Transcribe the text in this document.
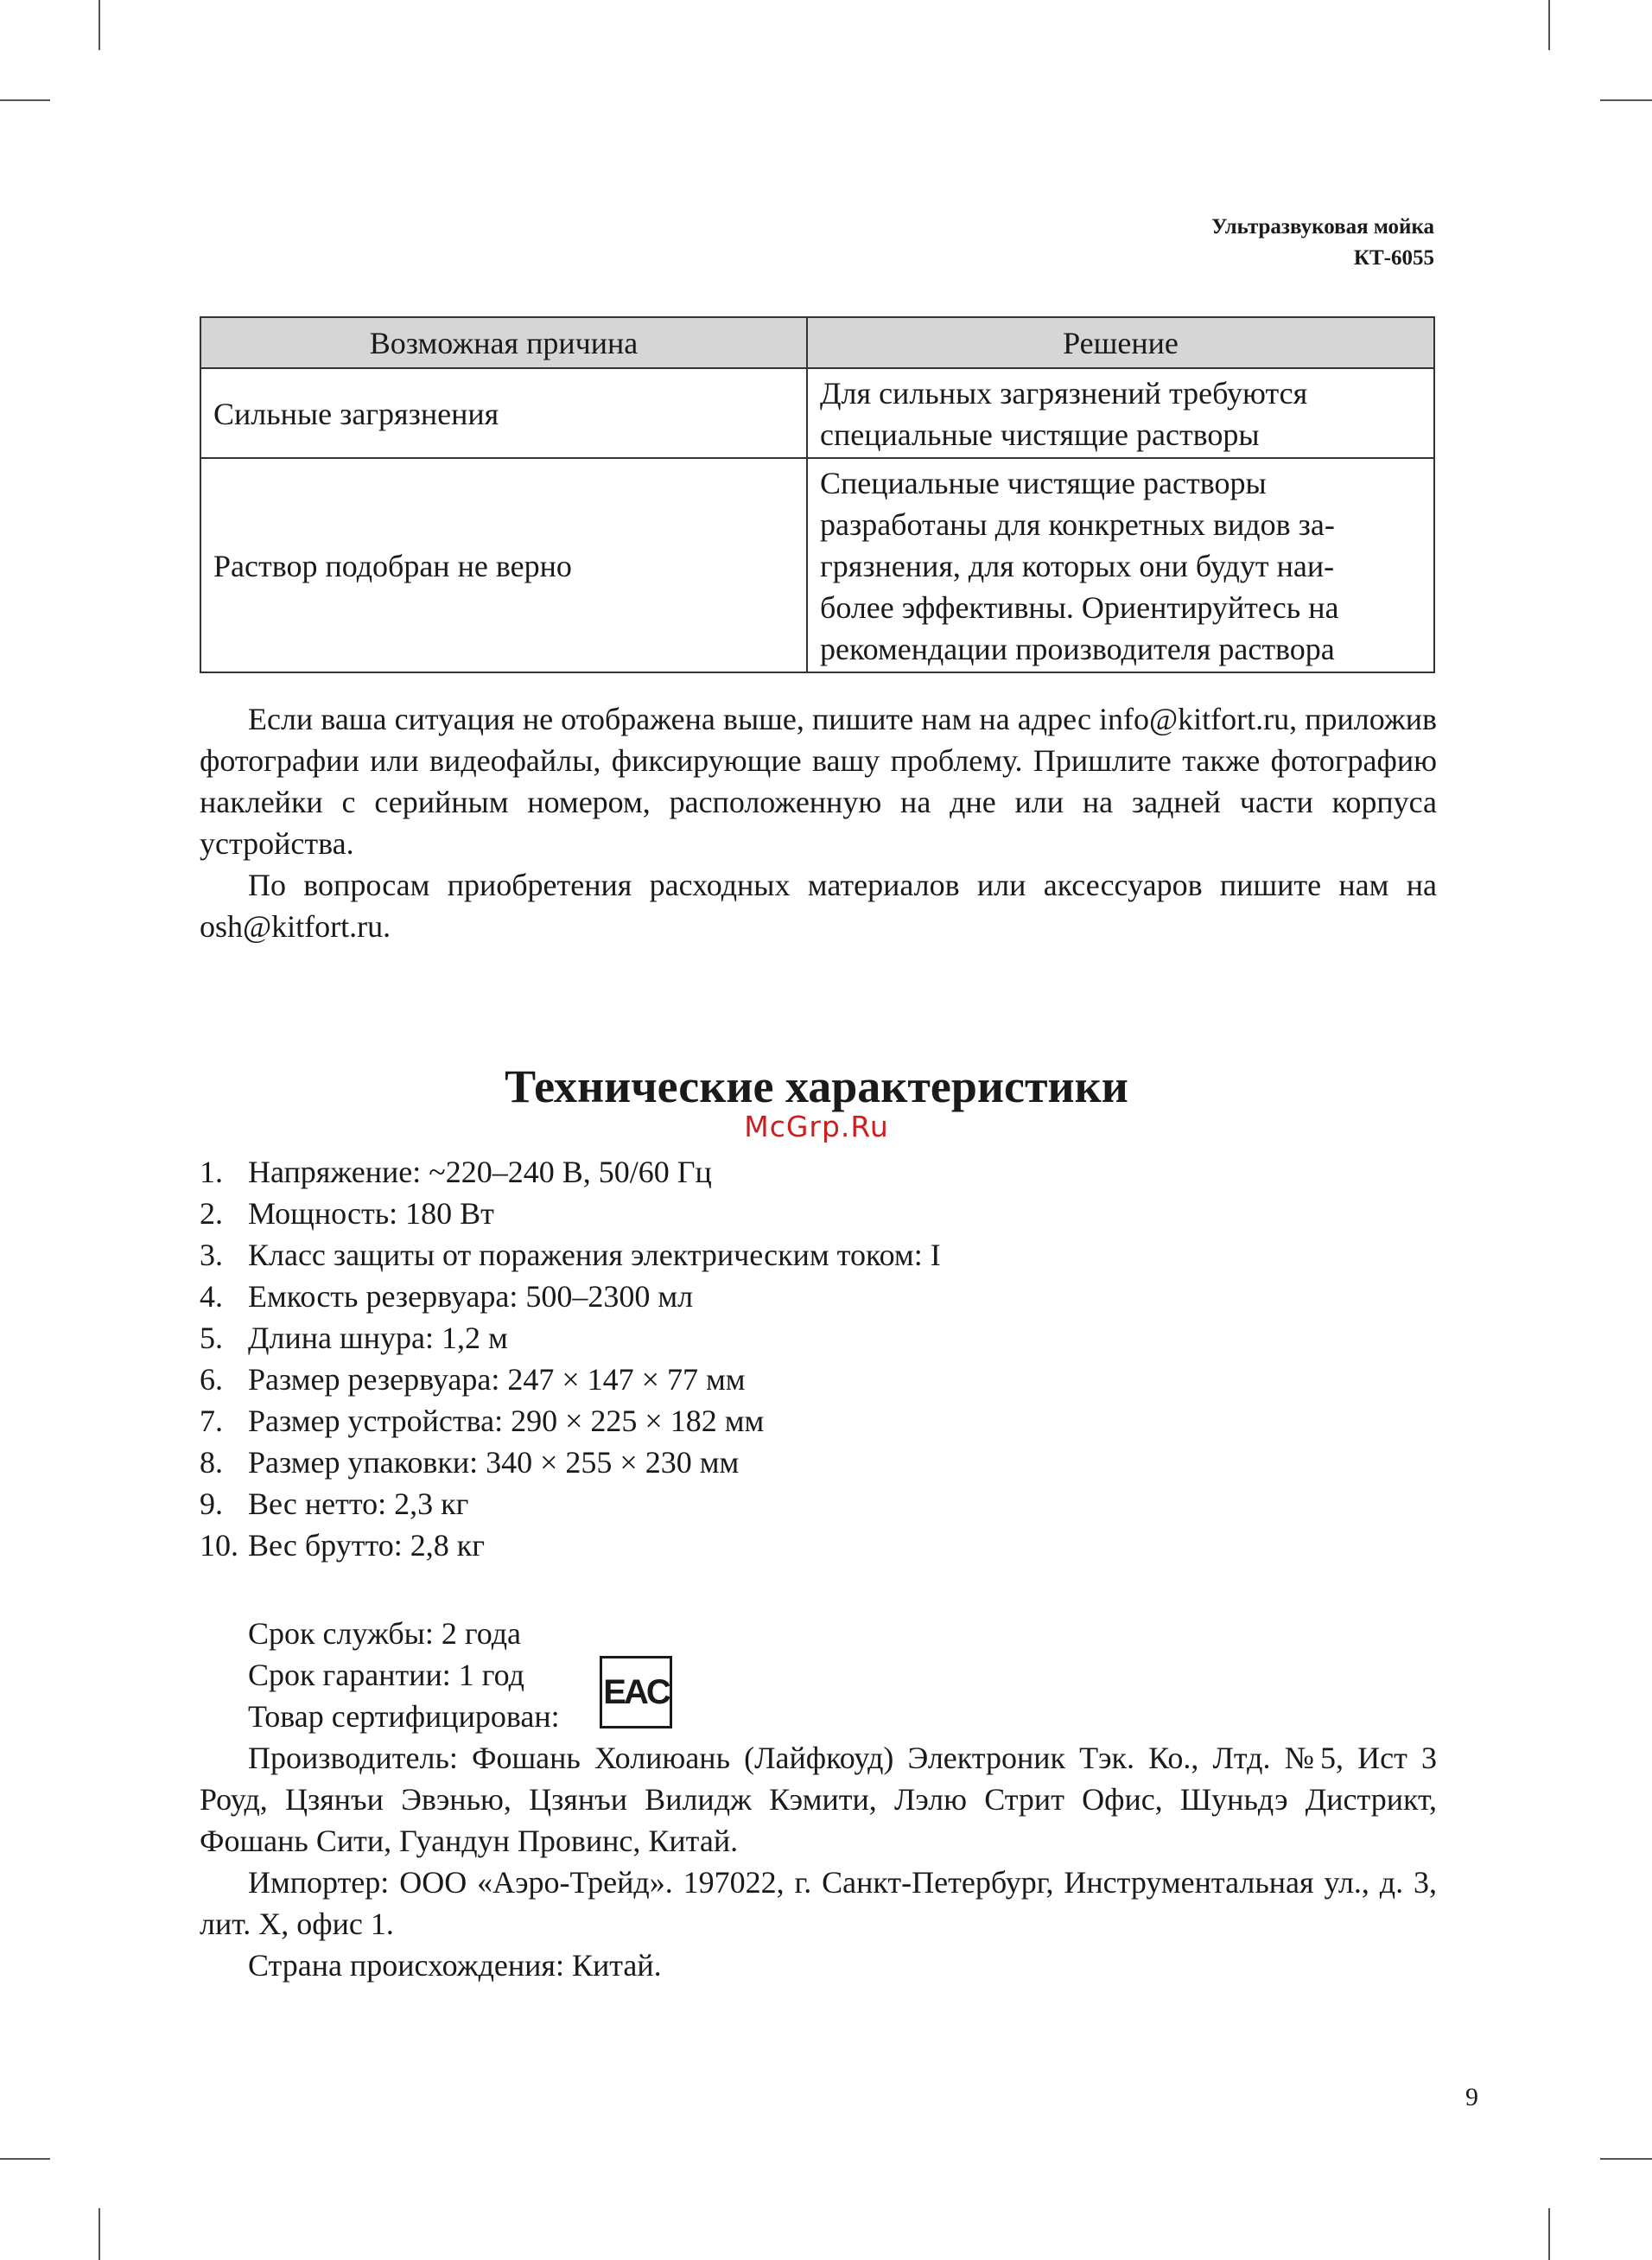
Ультразвуковая мойка
КТ-6055
Возможная причина	Решение
Сильные загрязнения	Для сильных загрязнений требуются
специальные чистящие растворы
Раствор подобран не верно	Специальные чистящие растворы
разработаны для конкретных видов за-
грязнения, для которых они будут наи-
более эффективны. Ориентируйтесь на
рекомендации производителя раствора

Если ваша ситуация не отображена выше, пишите нам на адрес info@kitfort.ru, приложив фотографии или видеофайлы, фиксирующие вашу проблему. Пришлите также фотографию наклейки с серийным номером, расположенную на дне или на задней части корпуса устройства.

По вопросам приобретения расходных материалов или аксессуаров пишите нам на osh@kitfort.ru.

Технические характеристики
McGrp.Ru
1. Напряжение: ~220–240 В, 50/60 Гц
2. Мощность: 180 Вт
3. Класс защиты от поражения электрическим током: I
4. Емкость резервуара: 500–2300 мл
5. Длина шнура: 1,2 м
6. Размер резервуара: 247 × 147 × 77 мм
7. Размер устройства: 290 × 225 × 182 мм
8. Размер упаковки: 340 × 255 × 230 мм
9. Вес нетто: 2,3 кг
10. Вес брутто: 2,8 кг

Срок службы: 2 года

Срок гарантии: 1 год

Товар сертифицирован:

EAC

Производитель: Фошань Холиюань (Лайфкоуд) Электроник Тэк. Ко., Лтд. №5, Ист 3 Роуд, Цзянъи Эвэнью, Цзянъи Вилидж Кэмити, Лэлю Стрит Офис, Шуньдэ Дистрикт, Фошань Сити, Гуандун Провинс, Китай.

Импортер: ООО «Аэро-Трейд». 197022, г. Санкт-Петербург, Инструментальная ул., д. 3, лит. Х, офис 1.

Страна происхождения: Китай.

9
